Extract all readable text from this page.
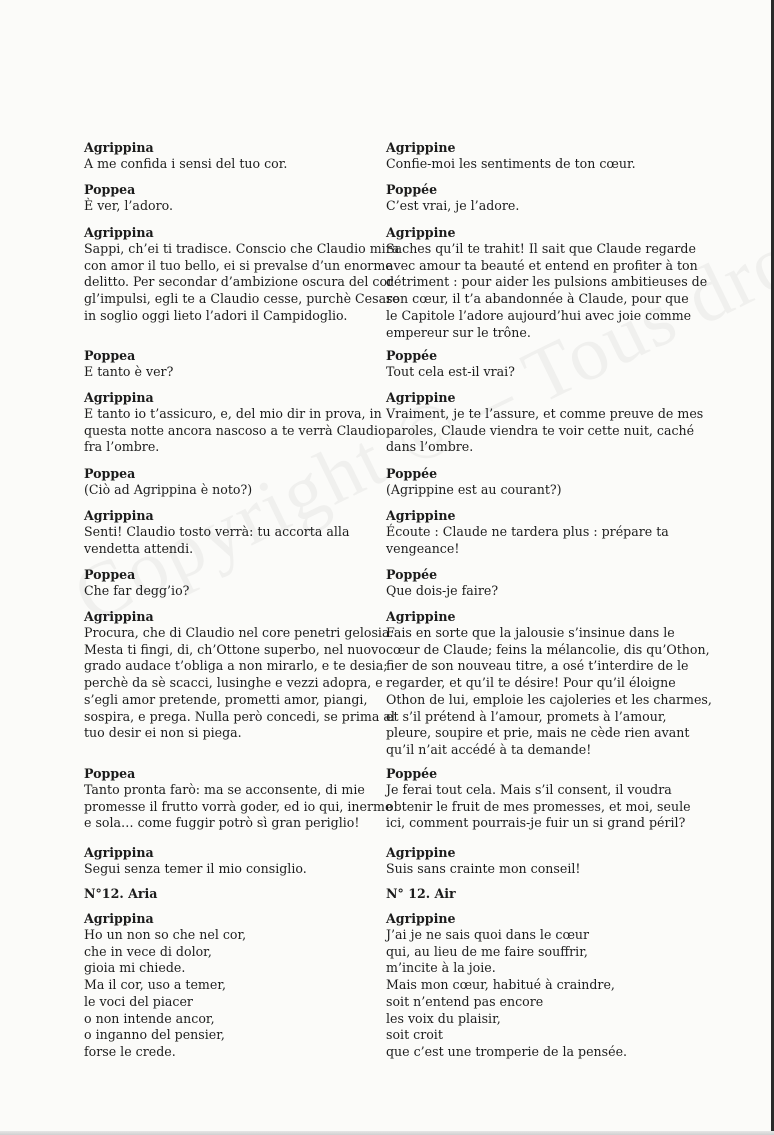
Agrippina
A me confida i sensi del tuo cor.
Poppea
È ver, l’adoro.
Agrippina
Sappi, ch’ei ti tradisce. Conscio che Claudio mira
con amor il tuo bello, ei si prevalse d’un enorme
delitto. Per secondar d’ambizione oscura del cor
gl’impulsi, egli te a Claudio cesse, purchè Cesare
in soglio oggi lieto l’adori il Campidoglio.
Poppea
E tanto è ver?
Agrippina
E tanto io t’assicuro, e, del mio dir in prova, in
questa notte ancora nascoso a te verrà Claudio
fra l’ombre.
Poppea
(Ciò ad Agrippina è noto?)
Agrippina
Senti! Claudio tosto verrà: tu accorta alla
vendetta attendi.
Poppea
Che far degg’io?
Agrippina
Procura, che di Claudio nel core penetri gelosia.
Mesta ti fingi, di, ch’Ottone superbo, nel nuovo
grado audace t’obliga a non mirarlo, e te desia;
perchè da sè scacci, lusinghe e vezzi adopra, e
s’egli amor pretende, prometti amor, piangi,
sospira, e prega. Nulla però concedi, se prima al
tuo desir ei non si piega.
Poppea
Tanto pronta farò: ma se acconsente, di mie
promesse il frutto vorrà goder, ed io qui, inerme
e sola… come fuggir potrò sì gran periglio!
Agrippina
Segui senza temer il mio consiglio.
N°12. Aria
Agrippina
Ho un non so che nel cor,
che in vece di dolor,
gioia mi chiede.
Ma il cor, uso a temer,
le voci del piacer
o non intende ancor,
o inganno del pensier,
forse le crede.
Agrippine
Confie-moi les sentiments de ton cœur.
Poppée
C’est vrai, je l’adore.
Agrippine
Saches qu’il te trahit! Il sait que Claude regarde
avec amour ta beauté et entend en profiter à ton
détriment : pour aider les pulsions ambitieuses de
son cœur, il t’a abandonnée à Claude, pour que
le Capitole l’adore aujourd’hui avec joie comme
empereur sur le trône.
Poppée
Tout cela est-il vrai?
Agrippine
Vraiment, je te l’assure, et comme preuve de mes
paroles, Claude viendra te voir cette nuit, caché
dans l’ombre.
Poppée
(Agrippine est au courant?)
Agrippine
Écoute : Claude ne tardera plus : prépare ta
vengeance!
Poppée
Que dois-je faire?
Agrippine
Fais en sorte que la jalousie s’insinue dans le
cœur de Claude; feins la mélancolie, dis qu’Othon,
fier de son nouveau titre, a osé t’interdire de le
regarder, et qu’il te désire! Pour qu’il éloigne
Othon de lui, emploie les cajoleries et les charmes,
et s’il prétend à l’amour, promets à l’amour,
pleure, soupire et prie, mais ne cède rien avant
qu’il n’ait accédé à ta demande!
Poppée
Je ferai tout cela. Mais s’il consent, il voudra
obtenir le fruit de mes promesses, et moi, seule
ici, comment pourrais-je fuir un si grand péril?
Agrippine
Suis sans crainte mon conseil!
N° 12. Air
Agrippine
J’ai je ne sais quoi dans le cœur
qui, au lieu de me faire souffrir,
m’incite à la joie.
Mais mon cœur, habitué à craindre,
soit n’entend pas encore
les voix du plaisir,
soit croit
que c’est une tromperie de la pensée.
